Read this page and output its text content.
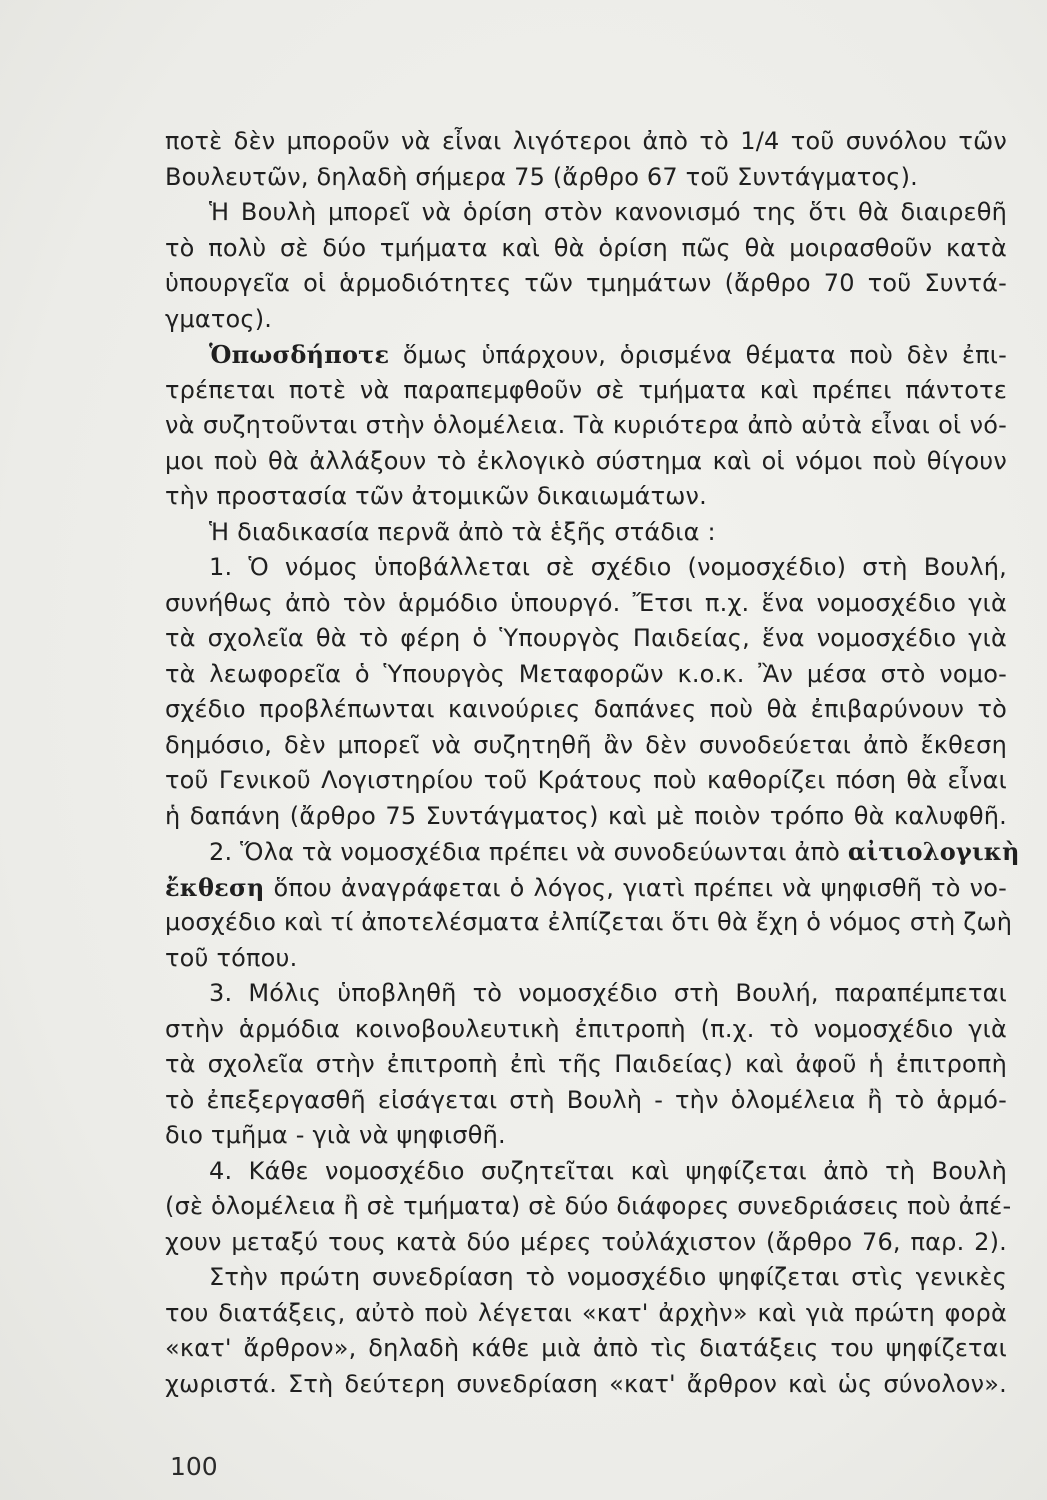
ποτὲ δὲν μποροῦν νὰ εἶναι λιγότεροι ἀπὸ τὸ 1/4 τοῦ συνόλου τῶν
Βουλευτῶν, δηλαδὴ σήμερα 75 (ἄρθρο 67 τοῦ Συντάγματος).
Ἡ Βουλὴ μπορεῖ νὰ ὁρίση στὸν κανονισμό της ὅτι θὰ διαιρεθῆ
τὸ πολὺ σὲ δύο τμήματα καὶ θὰ ὁρίση πῶς θὰ μοιρασθοῦν κατὰ
ὑπουργεῖα οἱ ἁρμοδιότητες τῶν τμημάτων (ἄρθρο 70 τοῦ Συντά-
γματος).
Ὁπωσδήποτε ὅμως ὑπάρχουν, ὁρισμένα θέματα ποὺ δὲν ἐπι-
τρέπεται ποτὲ νὰ παραπεμφθοῦν σὲ τμήματα καὶ πρέπει πάντοτε
νὰ συζητοῦνται στὴν ὁλομέλεια. Τὰ κυριότερα ἀπὸ αὐτὰ εἶναι οἱ νό-
μοι ποὺ θὰ ἀλλάξουν τὸ ἐκλογικὸ σύστημα καὶ οἱ νόμοι ποὺ θίγουν
τὴν προστασία τῶν ἀτομικῶν δικαιωμάτων.
Ἡ διαδικασία περνᾶ ἀπὸ τὰ ἑξῆς στάδια :
1. Ὁ νόμος ὑποβάλλεται σὲ σχέδιο (νομοσχέδιο) στὴ Βουλή,
συνήθως ἀπὸ τὸν ἁρμόδιο ὑπουργό. Ἔτσι π.χ. ἕνα νομοσχέδιο γιὰ
τὰ σχολεῖα θὰ τὸ φέρη ὁ Ὑπουργὸς Παιδείας, ἕνα νομοσχέδιο γιὰ
τὰ λεωφορεῖα ὁ Ὑπουργὸς Μεταφορῶν κ.ο.κ. Ἂν μέσα στὸ νομο-
σχέδιο προβλέπωνται καινούριες δαπάνες ποὺ θὰ ἐπιβαρύνουν τὸ
δημόσιο, δὲν μπορεῖ νὰ συζητηθῆ ἂν δὲν συνοδεύεται ἀπὸ ἔκθεση
τοῦ Γενικοῦ Λογιστηρίου τοῦ Κράτους ποὺ καθορίζει πόση θὰ εἶναι
ἡ δαπάνη (ἄρθρο 75 Συντάγματος) καὶ μὲ ποιὸν τρόπο θὰ καλυφθῆ.
2. Ὅλα τὰ νομοσχέδια πρέπει νὰ συνοδεύωνται ἀπὸ αἰτιολογικὴ
ἔκθεση ὅπου ἀναγράφεται ὁ λόγος, γιατὶ πρέπει νὰ ψηφισθῆ τὸ νο-
μοσχέδιο καὶ τί ἀποτελέσματα ἐλπίζεται ὅτι θὰ ἔχη ὁ νόμος στὴ ζωὴ
τοῦ τόπου.
3. Μόλις ὑποβληθῆ τὸ νομοσχέδιο στὴ Βουλή, παραπέμπεται
στὴν ἁρμόδια κοινοβουλευτικὴ ἐπιτροπὴ (π.χ. τὸ νομοσχέδιο γιὰ
τὰ σχολεῖα στὴν ἐπιτροπὴ ἐπὶ τῆς Παιδείας) καὶ ἀφοῦ ἡ ἐπιτροπὴ
τὸ ἐπεξεργασθῆ εἰσάγεται στὴ Βουλὴ - τὴν ὁλομέλεια ἢ τὸ ἁρμό-
διο τμῆμα - γιὰ νὰ ψηφισθῆ.
4. Κάθε νομοσχέδιο συζητεῖται καὶ ψηφίζεται ἀπὸ τὴ Βουλὴ
(σὲ ὁλομέλεια ἢ σὲ τμήματα) σὲ δύο διάφορες συνεδριάσεις ποὺ ἀπέ-
χουν μεταξύ τους κατὰ δύο μέρες τοὐλάχιστον (ἄρθρο 76, παρ. 2).
Στὴν πρώτη συνεδρίαση τὸ νομοσχέδιο ψηφίζεται στὶς γενικὲς
του διατάξεις, αὐτὸ ποὺ λέγεται «κατ' ἀρχὴν» καὶ γιὰ πρώτη φορὰ
«κατ' ἄρθρον», δηλαδὴ κάθε μιὰ ἀπὸ τὶς διατάξεις του ψηφίζεται
χωριστά. Στὴ δεύτερη συνεδρίαση «κατ' ἄρθρον καὶ ὡς σύνολον».
100
